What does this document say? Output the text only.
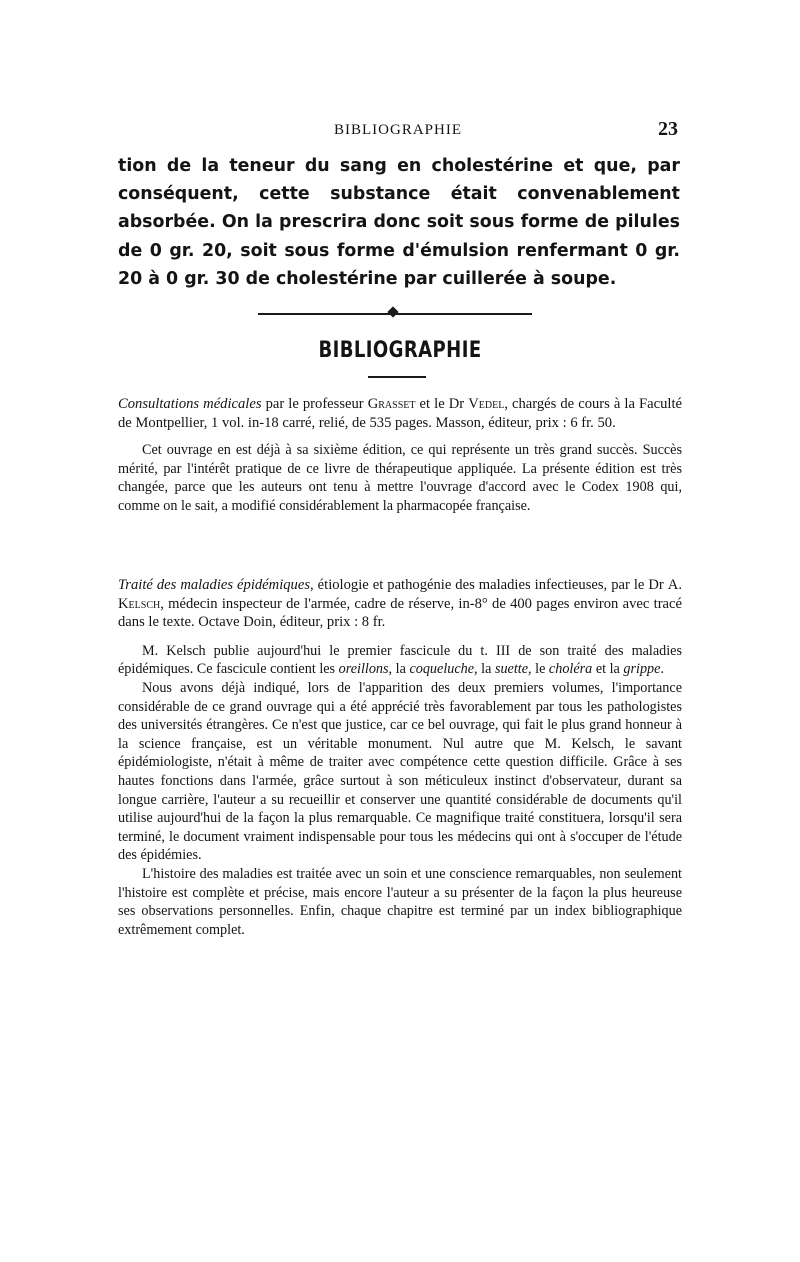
BIBLIOGRAPHIE	23

tion de la teneur du sang en cholestérine et que, par conséquent, cette substance était convenablement absorbée. On la prescrira donc soit sous forme de pilules de 0 gr. 20, soit sous forme d'émulsion renfermant 0 gr. 20 à 0 gr. 30 de cholestérine par cuillerée à soupe.

BIBLIOGRAPHIE

Consultations médicales par le professeur Grasset et le Dr Vedel, chargés de cours à la Faculté de Montpellier, 1 vol. in-18 carré, relié, de 535 pages. Masson, éditeur, prix : 6 fr. 50.

Cet ouvrage en est déjà à sa sixième édition, ce qui représente un très grand succès. Succès mérité, par l'intérêt pratique de ce livre de thérapeutique appliquée. La présente édition est très changée, parce que les auteurs ont tenu à mettre l'ouvrage d'accord avec le Codex 1908 qui, comme on le sait, a modifié considérablement la pharmacopée française.

Traité des maladies épidémiques, étiologie et pathogénie des maladies infectieuses, par le Dr A. Kelsch, médecin inspecteur de l'armée, cadre de réserve, in-8° de 400 pages environ avec tracé dans le texte. Octave Doin, éditeur, prix : 8 fr.

M. Kelsch publie aujourd'hui le premier fascicule du t. III de son traité des maladies épidémiques. Ce fascicule contient les oreillons, la coqueluche, la suette, le choléra et la grippe.

Nous avons déjà indiqué, lors de l'apparition des deux premiers volumes, l'importance considérable de ce grand ouvrage qui a été apprécié très favorablement par tous les pathologistes des universités étrangères. Ce n'est que justice, car ce bel ouvrage, qui fait le plus grand honneur à la science française, est un véritable monument. Nul autre que M. Kelsch, le savant épidémiologiste, n'était à même de traiter avec compétence cette question difficile. Grâce à ses hautes fonctions dans l'armée, grâce surtout à son méticuleux instinct d'observateur, durant sa longue carrière, l'auteur a su recueillir et conserver une quantité considérable de documents qu'il utilise aujourd'hui de la façon la plus remarquable. Ce magnifique traité constituera, lorsqu'il sera terminé, le document vraiment indispensable pour tous les médecins qui ont à s'occuper de l'étude des épidémies.

L'histoire des maladies est traitée avec un soin et une conscience remarquables, non seulement l'histoire est complète et précise, mais encore l'auteur a su présenter de la façon la plus heureuse ses observations personnelles. Enfin, chaque chapitre est terminé par un index bibliographique extrêmement complet.
